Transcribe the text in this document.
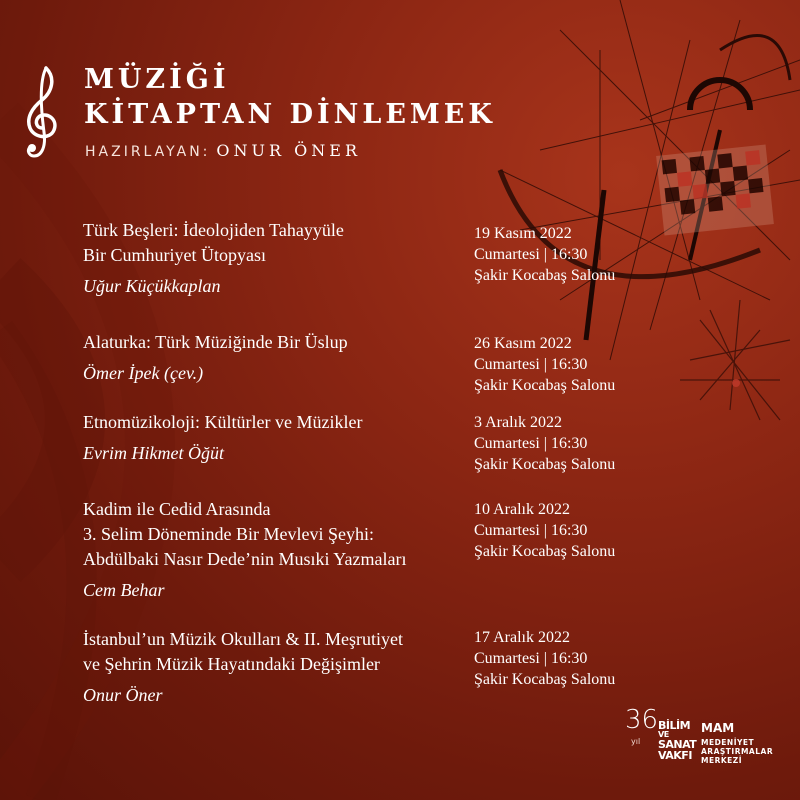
MÜZİĞİ
KİTAPTAN DİNLEMEK

HAZIRLAYAN: ONUR ÖNER

Türk Beşleri: İdeolojiden Tahayyüle
Bir Cumhuriyet Ütopyası
Uğur Küçükkaplan
19 Kasım 2022
Cumartesi | 16:30
Şakir Kocabaş Salonu
Alaturka: Türk Müziğinde Bir Üslup
Ömer İpek (çev.)
26 Kasım 2022
Cumartesi | 16:30
Şakir Kocabaş Salonu
Etnomüzikoloji: Kültürler ve Müzikler
Evrim Hikmet Öğüt
3 Aralık 2022
Cumartesi | 16:30
Şakir Kocabaş Salonu
Kadim ile Cedid Arasında
3. Selim Döneminde Bir Mevlevi Şeyhi:
Abdülbaki Nasır Dede’nin Musıki Yazmaları
Cem Behar
10 Aralık 2022
Cumartesi | 16:30
Şakir Kocabaş Salonu
İstanbul’un Müzik Okulları & II. Meşrutiyet
ve Şehrin Müzik Hayatındaki Değişimler
Onur Öner
17 Aralık 2022
Cumartesi | 16:30
Şakir Kocabaş Salonu
36
yıl
BİLİM
VE
SANAT
VAKFI
MAM
MEDENİYET
ARAŞTIRMALAR
MERKEZİ
